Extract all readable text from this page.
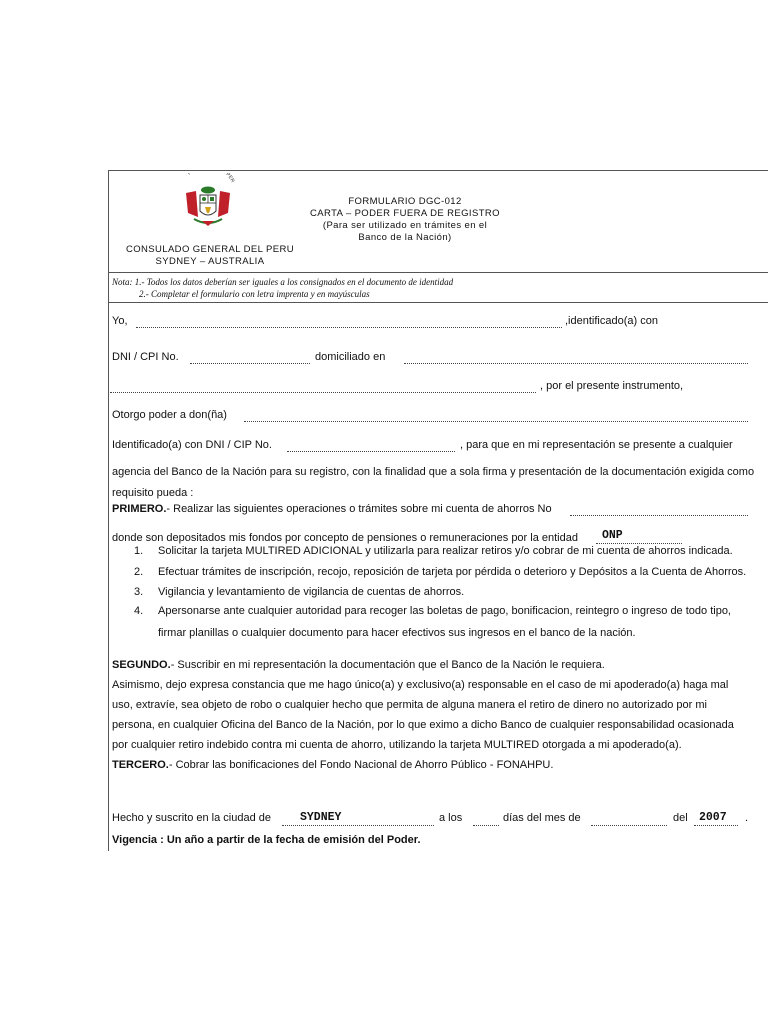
PER
FORMULARIO DGC-012
CARTA – PODER FUERA DE REGISTRO
(Para ser utilizado en trámites en el
Banco de la Nación)
CONSULADO GENERAL DEL PERU
SYDNEY – AUSTRALIA
Nota: 1.- Todos los datos deberían ser iguales a los consignados en el documento de identidad
2.- Completar el formulario con letra imprenta y en mayúsculas
Yo,	,identificado(a) con
DNI / CPI No.	domiciliado en
, por el presente instrumento,
Otorgo poder a don(ña)
Identificado(a) con DNI / CIP No.	, para que en mi representación se presente a cualquier
agencia del Banco de la Nación para su registro, con la finalidad que a sola firma y presentación de la documentación exigida como
requisito pueda :
PRIMERO.- Realizar las siguientes operaciones o trámites sobre mi cuenta de ahorros No
donde son depositados mis fondos por concepto de pensiones o remuneraciones por la entidad ONP
1. Solicitar la tarjeta MULTIRED ADICIONAL y utilizarla para realizar retiros y/o cobrar de mi cuenta de ahorros indicada.
2. Efectuar trámites de inscripción, recojo, reposición de tarjeta por pérdida o deterioro y Depósitos a la Cuenta de Ahorros.
3. Vigilancia y levantamiento de vigilancia de cuentas de ahorros.
4. Apersonarse ante cualquier autoridad para recoger las boletas de pago, bonificacion, reintegro o ingreso de todo tipo,
firmar planillas o cualquier documento para hacer efectivos sus ingresos en el banco de la nación.
SEGUNDO.- Suscribir en mi representación la documentación que el Banco de la Nación le requiera.
Asimismo, dejo expresa constancia que me hago único(a) y exclusivo(a) responsable en el caso de mi apoderado(a) haga mal
uso, extravíe, sea objeto de robo o cualquier hecho que permita de alguna manera el retiro de dinero no autorizado por mi
persona, en cualquier Oficina del Banco de la Nación, por lo que eximo a dicho Banco de cualquier responsabilidad ocasionada
por cualquier retiro indebido contra mi cuenta de ahorro, utilizando la tarjeta MULTIRED otorgada a mi apoderado(a).
TERCERO.- Cobrar las bonificaciones del Fondo Nacional de Ahorro Público - FONAHPU.
Hecho y suscrito en la ciudad de	SYDNEY	a los	días del mes de	del 2007 .
Vigencia : Un año a partir de la fecha de emisión del Poder.
